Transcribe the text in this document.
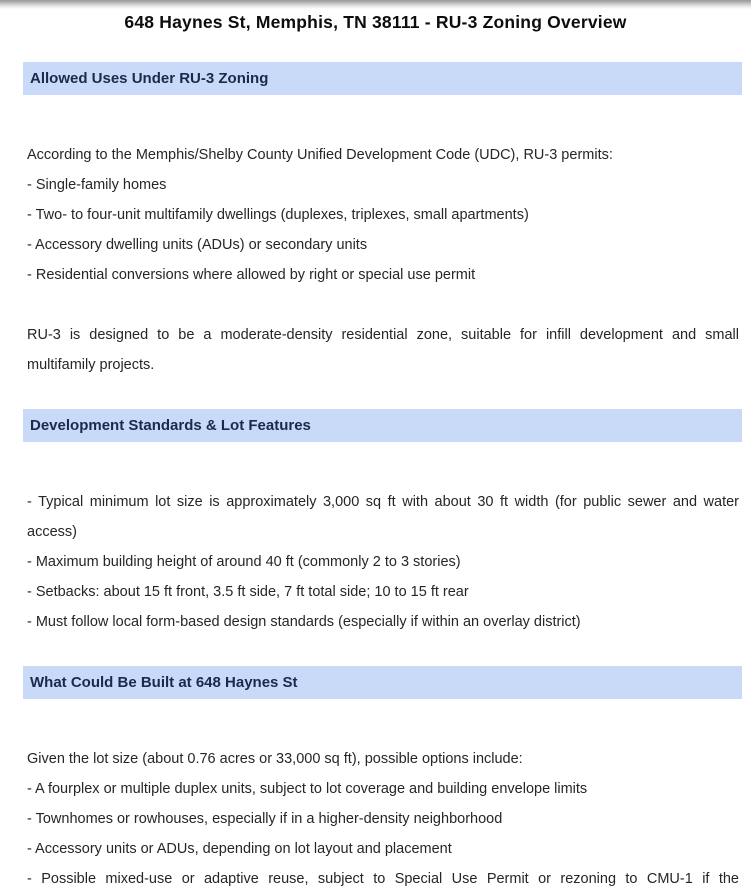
648 Haynes St, Memphis, TN 38111 - RU-3 Zoning Overview
Allowed Uses Under RU-3 Zoning

According to the Memphis/Shelby County Unified Development Code (UDC), RU-3 permits:

- Single-family homes

- Two- to four-unit multifamily dwellings (duplexes, triplexes, small apartments)

- Accessory dwelling units (ADUs) or secondary units

- Residential conversions where allowed by right or special use permit

RU-3 is designed to be a moderate-density residential zone, suitable for infill development and small multifamily projects.

Development Standards & Lot Features

- Typical minimum lot size is approximately 3,000 sq ft with about 30 ft width (for public sewer and water access)

- Maximum building height of around 40 ft (commonly 2 to 3 stories)

- Setbacks: about 15 ft front, 3.5 ft side, 7 ft total side; 10 to 15 ft rear

- Must follow local form-based design standards (especially if within an overlay district)

What Could Be Built at 648 Haynes St

Given the lot size (about 0.76 acres or 33,000 sq ft), possible options include:

- A fourplex or multiple duplex units, subject to lot coverage and building envelope limits

- Townhomes or rowhouses, especially if in a higher-density neighborhood

- Accessory units or ADUs, depending on lot layout and placement

- Possible mixed-use or adaptive reuse, subject to Special Use Permit or rezoning to CMU-1 if the
